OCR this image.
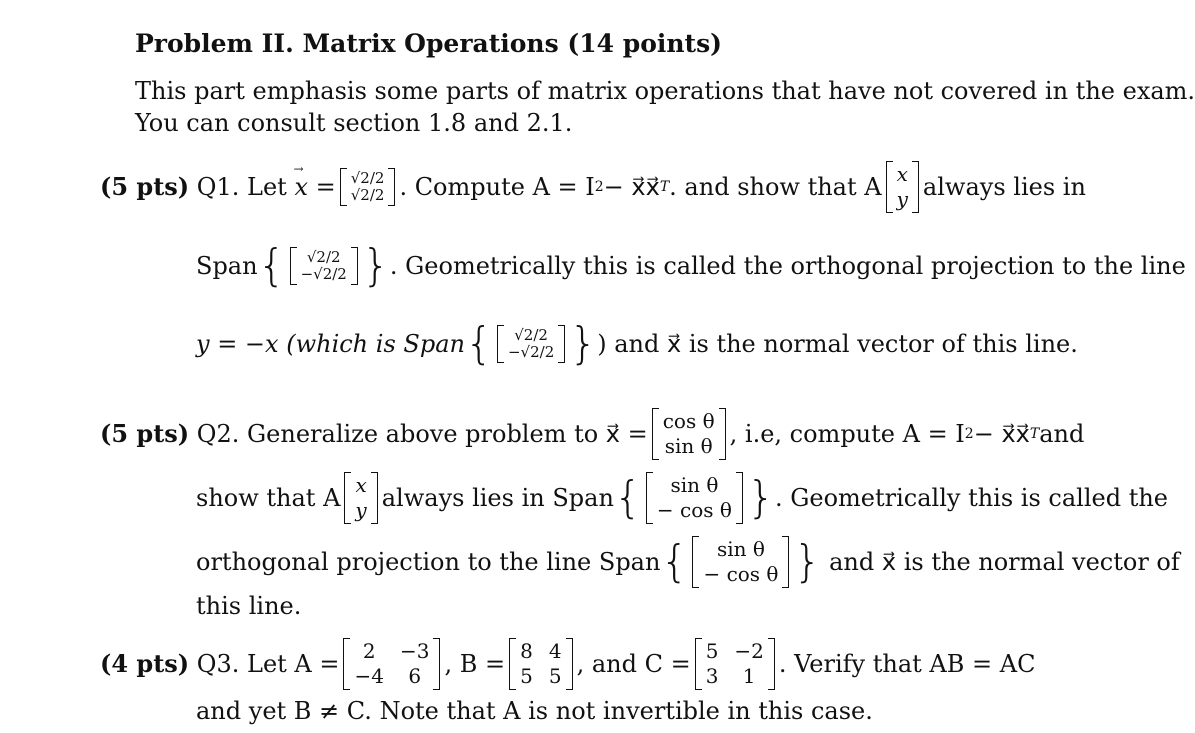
Problem II. Matrix Operations (14 points)
This part emphasis some parts of matrix operations that have not covered in the exam.
You can consult section 1.8 and 2.1.
(5 pts)
Q1. Let
x →
= √2/2
√2/2 . Compute A = I 2 − x⃗x⃗ T . and show that A x
y always lies in
Span {	√2/2
−√2/2 } . Geometrically this is called the orthogonal projection to the line
y = −x (which is Span {	√2/2
−√2/2 } ) and x⃗ is the normal vector of this line.
(5 pts)
Q2. Generalize above problem to x⃗ = cos θ
sin θ , i.e, compute A = I 2 − x⃗x⃗ T and
show that A x
y always lies in Span {	sin θ
− cos θ } . Geometrically this is called the
orthogonal projection to the line Span {	sin θ
− cos θ }
and x⃗ is the normal vector of
this line.
(4 pts)
Q3. Let A =	2	−3
−4	6 , B = 8 4
5 5 , and C = 5 −2
3	1 . Verify that AB = AC
and yet B ≠ C. Note that A is not invertible in this case.
